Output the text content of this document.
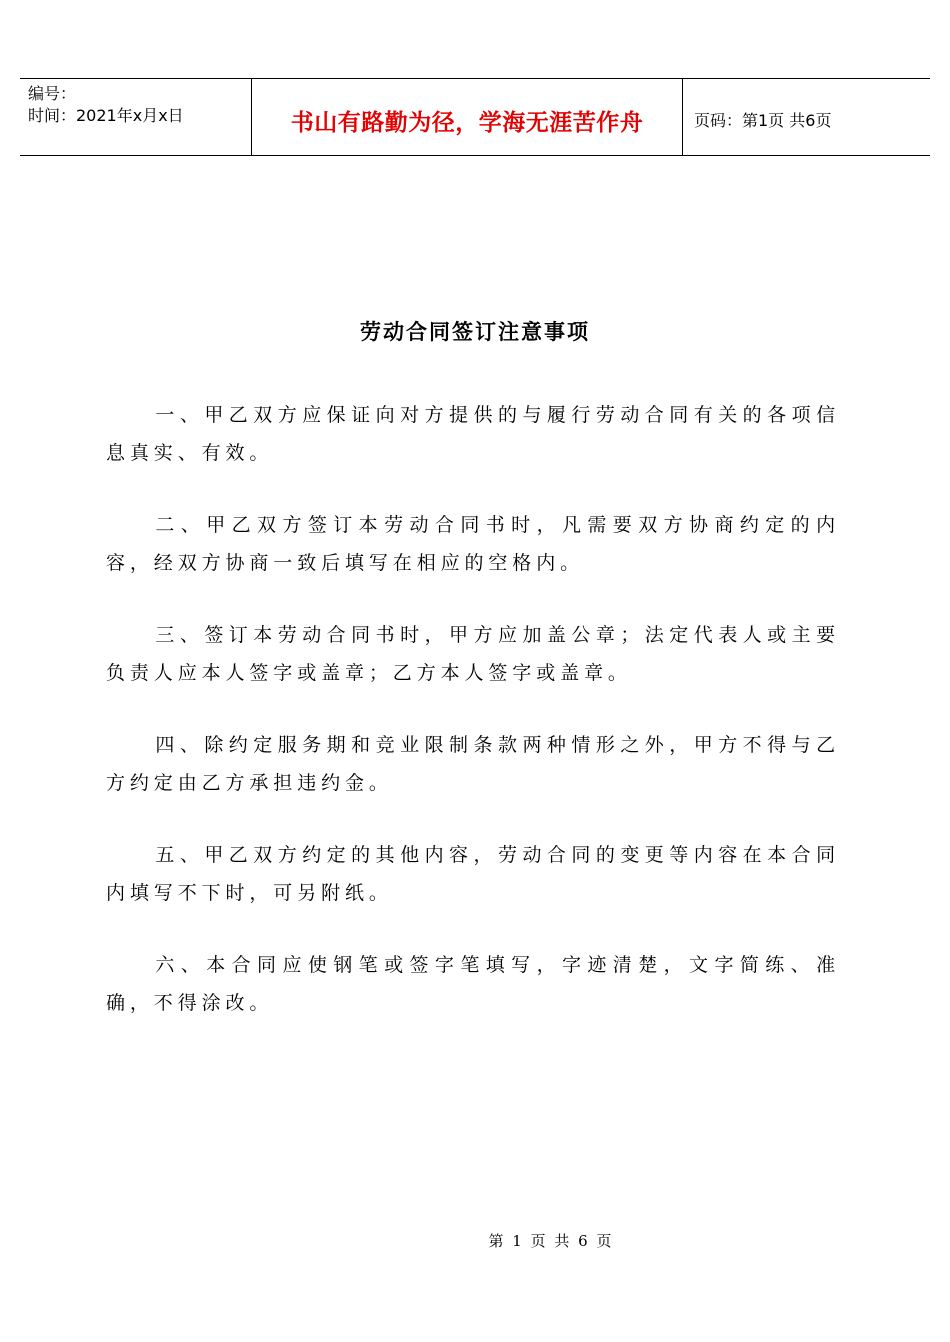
编号：
时间：2021年x月x日	书山有路勤为径，学海无涯苦作舟	页码：第1页 共6页
劳动合同签订注意事项

一、甲乙双方应保证向对方提供的与履行劳动合同有关的各项信息真实、有效。

二、甲乙双方签订本劳动合同书时，凡需要双方协商约定的内容，经双方协商一致后填写在相应的空格内。

三、签订本劳动合同书时，甲方应加盖公章；法定代表人或主要负责人应本人签字或盖章；乙方本人签字或盖章。

四、除约定服务期和竞业限制条款两种情形之外，甲方不得与乙方约定由乙方承担违约金。

五、甲乙双方约定的其他内容，劳动合同的变更等内容在本合同内填写不下时，可另附纸。

六、本合同应使钢笔或签字笔填写，字迹清楚，文字简练、准确，不得涂改。

第 1 页 共 6 页
